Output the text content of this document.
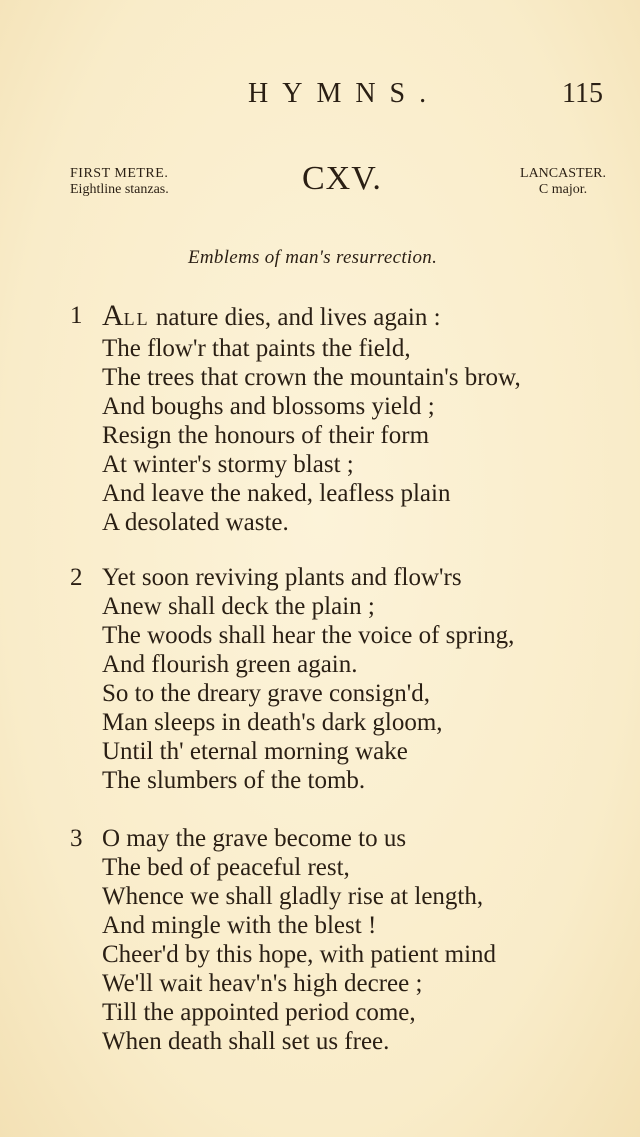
HYMNS.	115
FIRST METRE.
Eightline stanzas.	CXV.	LANCASTER.
C major.
Emblems of man's resurrection.
1 ALL nature dies, and lives again :
The flow'r that paints the field,
The trees that crown the mountain's brow,
And boughs and blossoms yield ;
Resign the honours of their form
At winter's stormy blast ;
And leave the naked, leafless plain
A desolated waste.
2 Yet soon reviving plants and flow'rs
Anew shall deck the plain ;
The woods shall hear the voice of spring,
And flourish green again.
So to the dreary grave consign'd,
Man sleeps in death's dark gloom,
Until th' eternal morning wake
The slumbers of the tomb.
3 O may the grave become to us
The bed of peaceful rest,
Whence we shall gladly rise at length,
And mingle with the blest !
Cheer'd by this hope, with patient mind
We'll wait heav'n's high decree ;
Till the appointed period come,
When death shall set us free.
